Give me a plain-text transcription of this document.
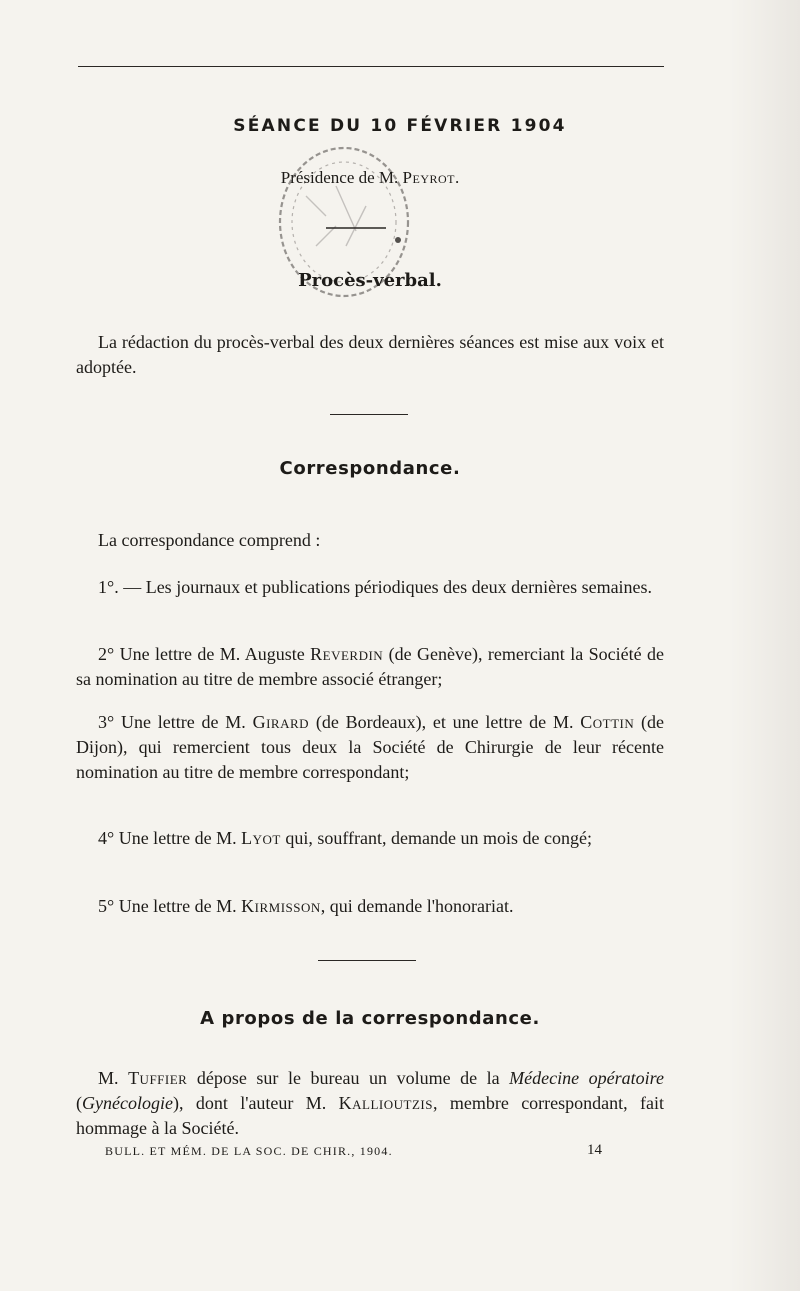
SÉANCE DU 10 FÉVRIER 1904
Présidence de M. Peyrot.
Procès-verbal.
La rédaction du procès-verbal des deux dernières séances est mise aux voix et adoptée.
Correspondance.
La correspondance comprend :
1°. — Les journaux et publications périodiques des deux dernières semaines.
2° Une lettre de M. Auguste Reverdin (de Genève), remerciant la Société de sa nomination au titre de membre associé étranger;
3° Une lettre de M. Girard (de Bordeaux), et une lettre de M. Cottin (de Dijon), qui remercient tous deux la Société de Chirurgie de leur récente nomination au titre de membre correspondant;
4° Une lettre de M. Lyot qui, souffrant, demande un mois de congé;
5° Une lettre de M. Kirmisson, qui demande l'honorariat.
A propos de la correspondance.
M. Tuffier dépose sur le bureau un volume de la Médecine opératoire (Gynécologie), dont l'auteur M. Kallioutzis, membre correspondant, fait hommage à la Société.
BULL. ET MÉM. DE LA SOC. DE CHIR., 1904.	14
